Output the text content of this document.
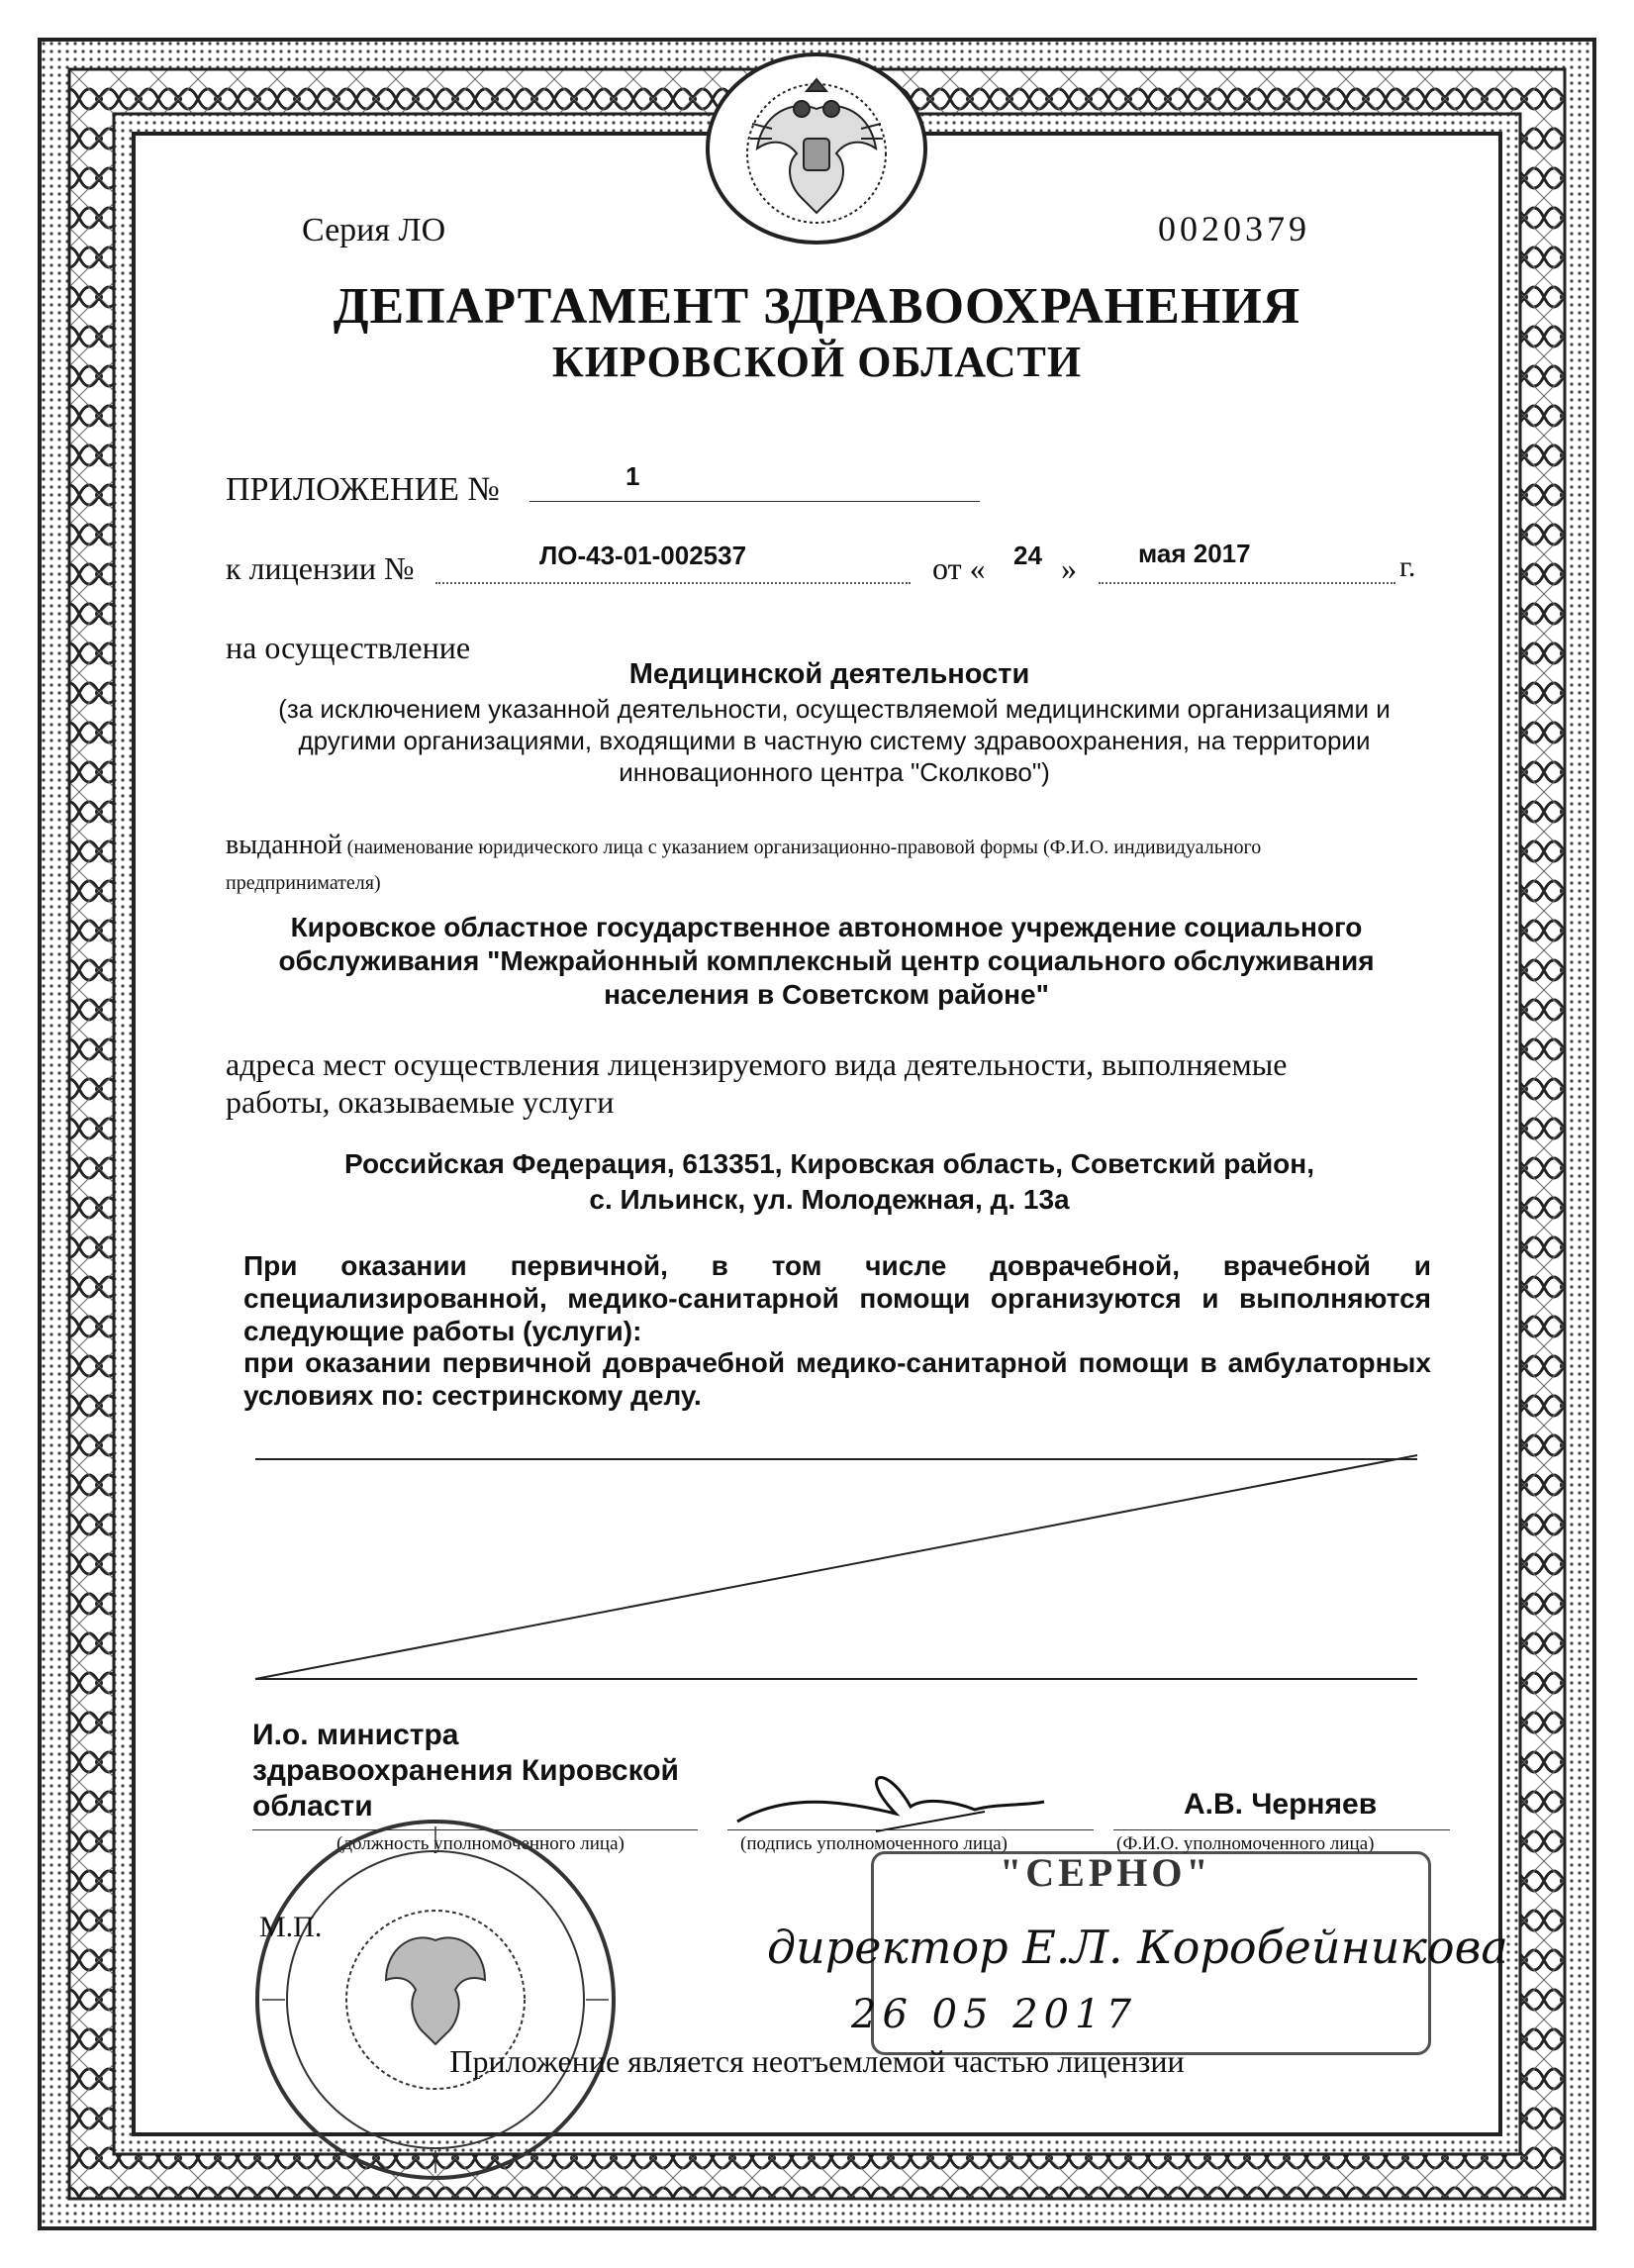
Серия ЛО	0020379
ДЕПАРТАМЕНТ ЗДРАВООХРАНЕНИЯ
КИРОВСКОЙ ОБЛАСТИ
ПРИЛОЖЕНИЕ №	1
к лицензии №	ЛО-43-01-002537	от « 24 » мая 2017	г.
на осуществление
Медицинской деятельности
(за исключением указанной деятельности, осуществляемой медицинскими организациями и другими организациями, входящими в частную систему здравоохранения, на территории инновационного центра "Сколково")
выданной (наименование юридического лица с указанием организационно-правовой формы (Ф.И.О. индивидуального предпринимателя)
Кировское областное государственное автономное учреждение социального обслуживания "Межрайонный комплексный центр социального обслуживания населения в Советском районе"
адреса мест осуществления лицензируемого вида деятельности, выполняемые работы, оказываемые услуги
Российская Федерация, 613351, Кировская область, Советский район,
с. Ильинск, ул. Молодежная, д. 13а
При оказании первичной, в том числе доврачебной, врачебной и специализированной, медико-санитарной помощи организуются и выполняются следующие работы (услуги):
при оказании первичной доврачебной медико-санитарной помощи в амбулаторных условиях по: сестринскому делу.
И.о. министра
здравоохранения Кировской
области
(должность уполномоченного лица)	(подпись уполномоченного лица)
А.В. Черняев
(Ф.И.О. уполномоченного лица)
М.П.
"СЕРНО"
директор Е.Л. Коробейникова
26 05 2017
Приложение является неотъемлемой частью лицензии
